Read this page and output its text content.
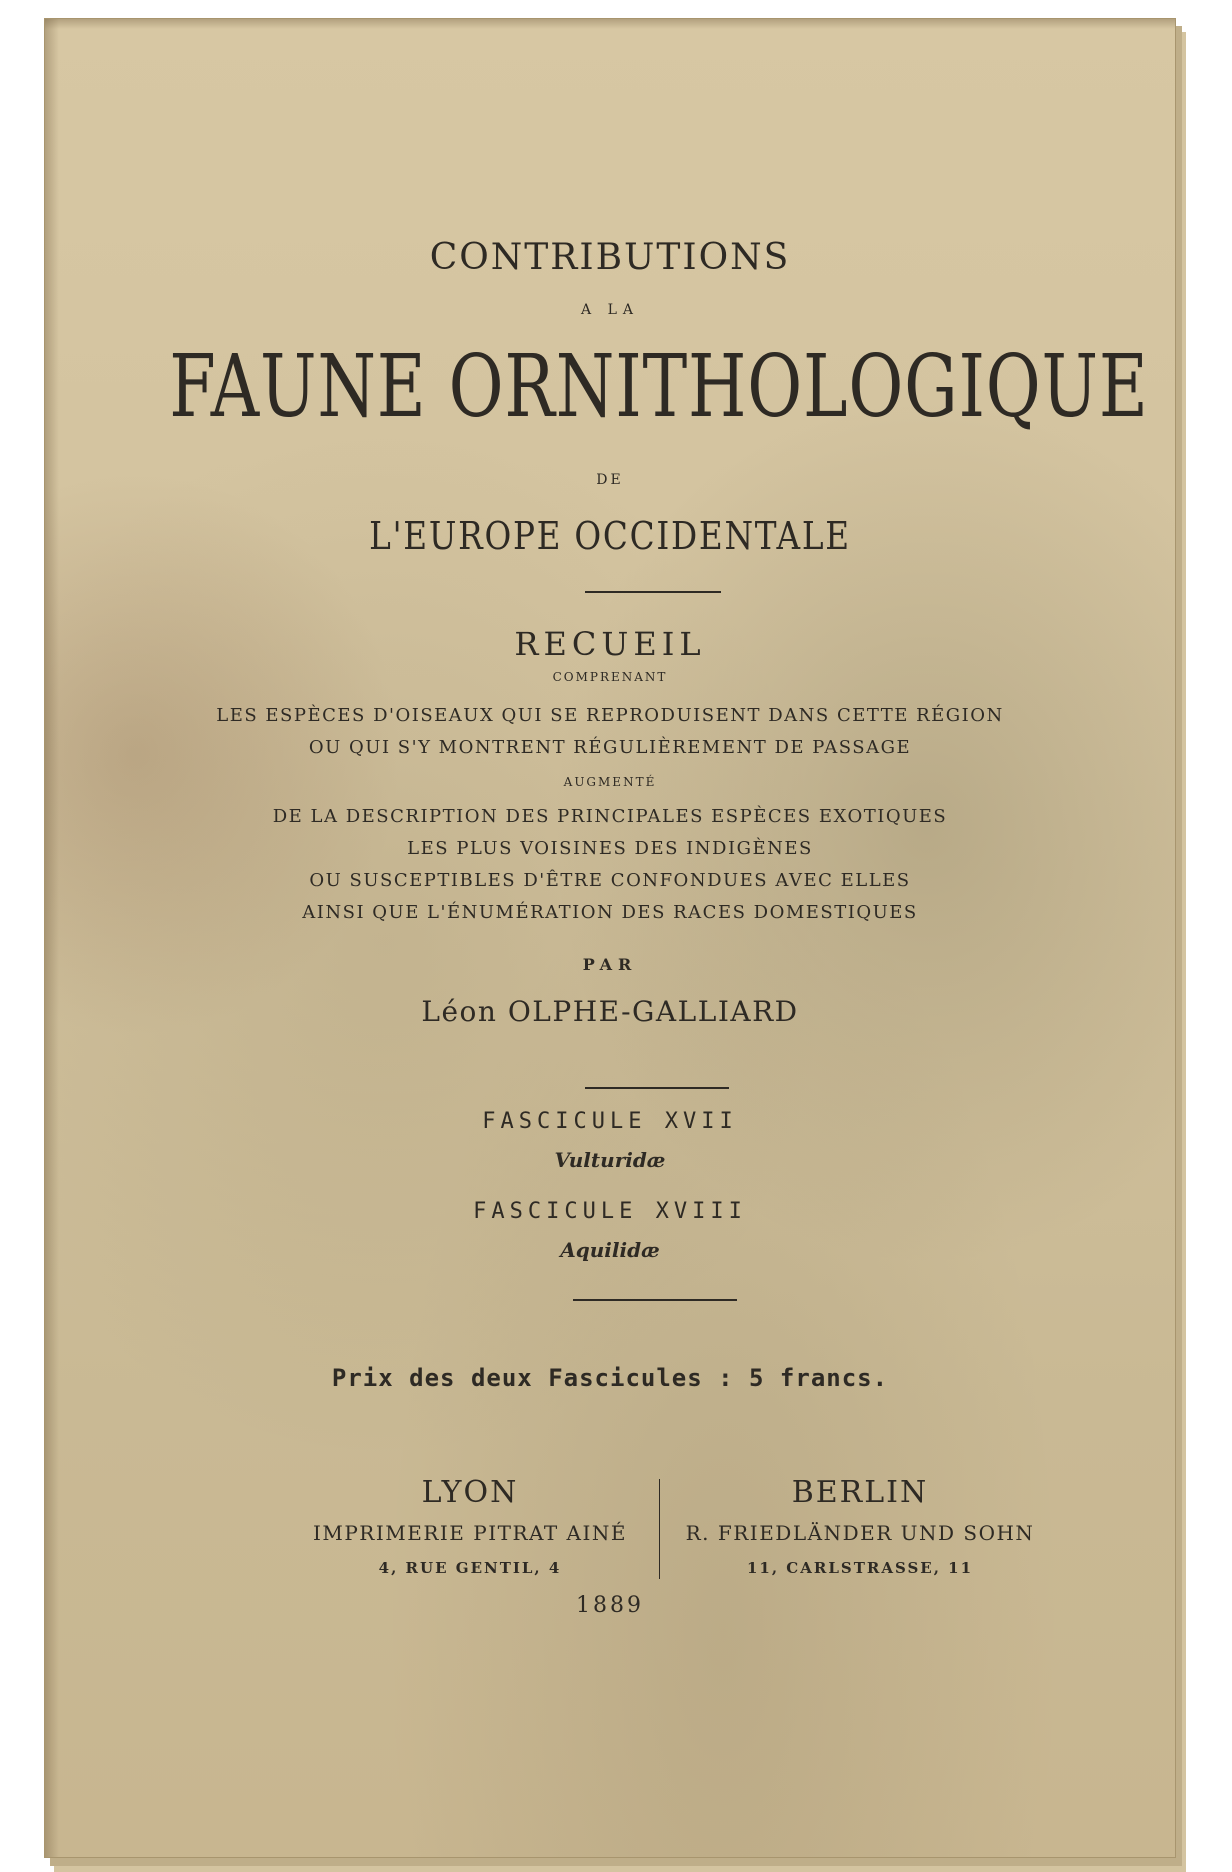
CONTRIBUTIONS
A LA
FAUNE ORNITHOLOGIQUE
DE
L'EUROPE OCCIDENTALE
RECUEIL
COMPRENANT
LES ESPÈCES D'OISEAUX QUI SE REPRODUISENT DANS CETTE RÉGION
OU QUI S'Y MONTRENT RÉGULIÈREMENT DE PASSAGE
AUGMENTÉ
DE LA DESCRIPTION DES PRINCIPALES ESPÈCES EXOTIQUES
LES PLUS VOISINES DES INDIGÈNES
OU SUSCEPTIBLES D'ÊTRE CONFONDUES AVEC ELLES
AINSI QUE L'ÉNUMÉRATION DES RACES DOMESTIQUES
PAR
Léon OLPHE-GALLIARD
FASCICULE XVII
Vulturidæ
FASCICULE XVIII
Aquilidæ
Prix des deux Fascicules : 5 francs.
LYON
IMPRIMERIE PITRAT AINÉ
4, RUE GENTIL, 4
BERLIN
R. FRIEDLÄNDER UND SOHN
11, CARLSTRASSE, 11
1889
